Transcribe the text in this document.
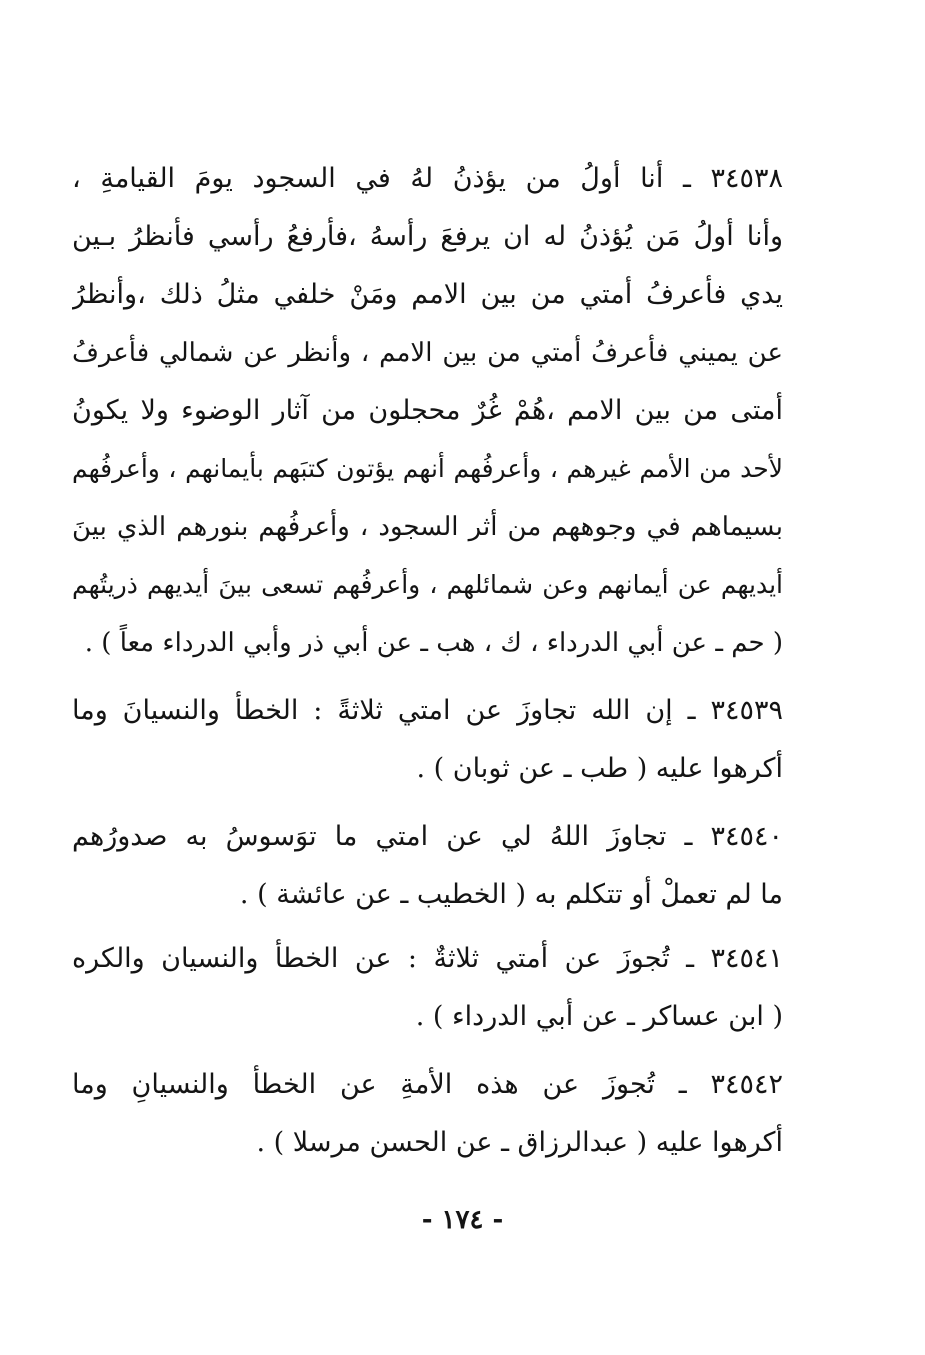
٣٤٥٣٨ ـ أنا أولُ من يؤذنُ لهُ في السجود يومَ القيامةِ ،
وأنا أولُ مَن يُؤذنُ له ان يرفعَ رأسهُ ،فأرفعُ رأسي فأنظرُ بـين
يدي فأعرفُ أمتي من بين الامم ومَنْ خلفي مثلُ ذلك ،وأنظرُ
عن يميني فأعرفُ أمتي من بين الامم ، وأنظر عن شمالي فأعرفُ
أمتى من بين الامم ،هُمْ غُرٌ محجلون من آثار الوضوء ولا يكونُ
لأحد من الأمم غيرهم ، وأعرفُهم أنهم يؤتون كتبَهم بأيمانهم ، وأعرفُهم
بسيماهم في وجوههم من أثر السجود ، وأعرفُهم بنورهم الذي بينَ
أيديهم عن أيمانهم وعن شمائلهم ، وأعرفُهم تسعى بينَ أيديهم ذريتُهم
( حم ـ عن أبي الدرداء ، ك ، هب ـ عن أبي ذر وأبي الدرداء معاً ) .
٣٤٥٣٩ ـ إن الله تجاوزَ عن امتي ثلاثةً : الخطأ والنسيانَ وما
أكرهوا عليه ( طب ـ عن ثوبان ) .
٣٤٥٤٠ ـ تجاوزَ اللهُ لي عن امتي ما توَسوسُ به صدورُهم
ما لم تعملْ أو تتكلم به ( الخطيب ـ عن عائشة ) .
٣٤٥٤١ ـ تُجوزَ عن أمتي ثلاثةٌ : عن الخطأ والنسيان والكره
( ابن عساكر ـ عن أبي الدرداء ) .
٣٤٥٤٢ ـ تُجوزَ عن هذه الأمةِ عن الخطأ والنسيانِ وما
أكرهوا عليه ( عبدالرزاق ـ عن الحسن مرسلا ) .
- ١٧٤ -
